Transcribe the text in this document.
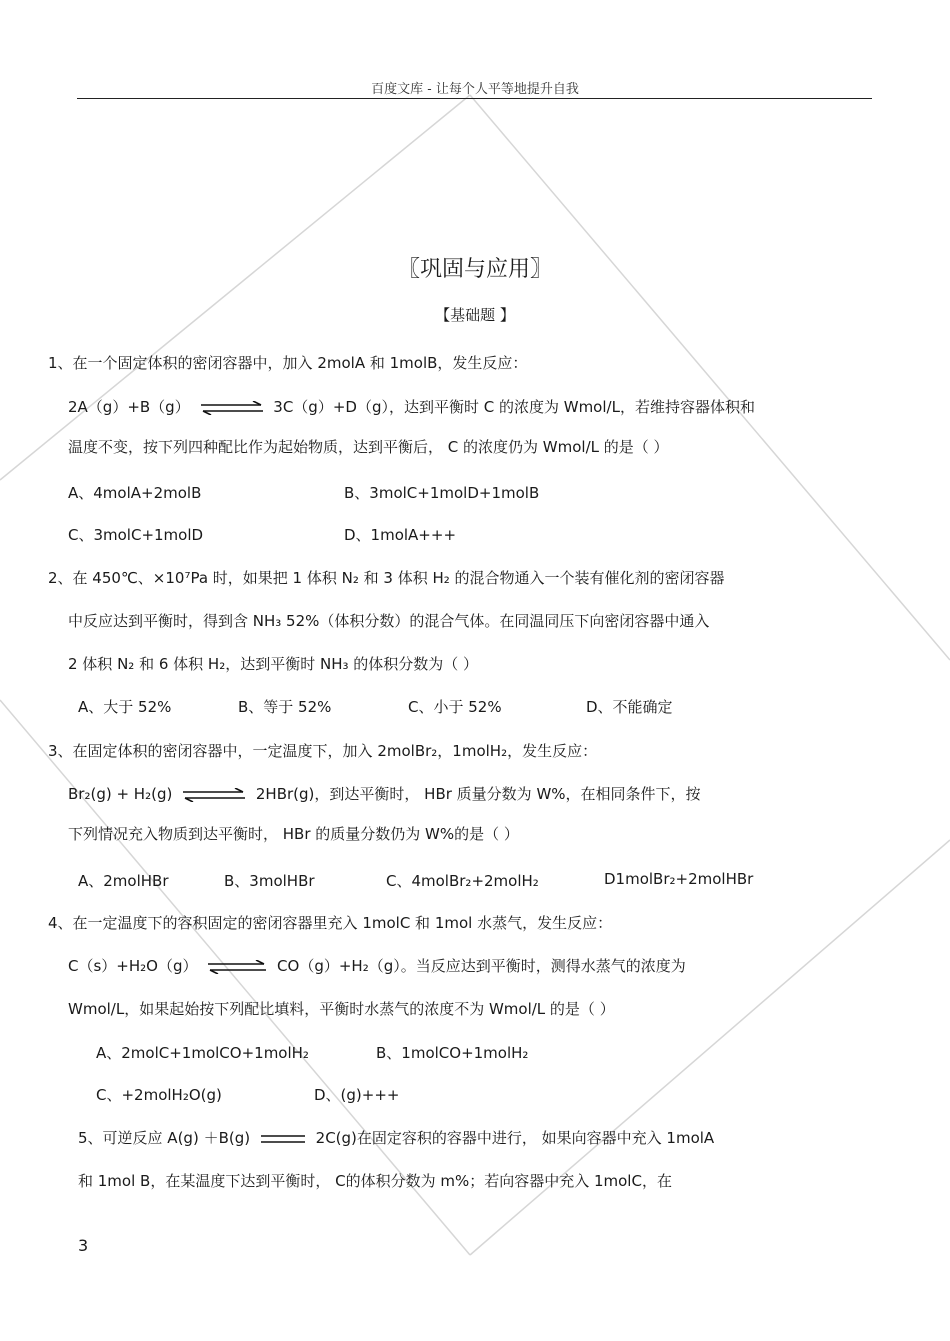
百度文库 - 让每个人平等地提升自我
〖巩固与应用〗
【基础题 】
1、在一个固定体积的密闭容器中，加入 2molA 和 1molB，发生反应：
2A（g）+B（g）	3C（g）+D（g），达到平衡时 C 的浓度为 Wmol/L，若维持容器体积和
温度不变，按下列四种配比作为起始物质，达到平衡后， C 的浓度仍为 Wmol/L 的是（ ）
A、4molA+2molB	B、3molC+1molD+1molB
C、3molC+1molD	D、1molA+++
2、在 450℃、×10⁷Pa 时，如果把 1 体积 N₂ 和 3 体积 H₂ 的混合物通入一个装有催化剂的密闭容器
中反应达到平衡时，得到含 NH₃ 52%（体积分数）的混合气体。在同温同压下向密闭容器中通入
2 体积 N₂ 和 6 体积 H₂，达到平衡时 NH₃ 的体积分数为（ ）
A、大于 52%	B、等于 52%	C、小于 52%	D、不能确定
3、在固定体积的密闭容器中，一定温度下，加入 2molBr₂，1molH₂，发生反应：
Br₂(g) + H₂(g)	2HBr(g)，到达平衡时， HBr 质量分数为 W%，在相同条件下，按
下列情况充入物质到达平衡时， HBr 的质量分数仍为 W%的是（ ）
A、2molHBr	B、3molHBr	C、4molBr₂+2molH₂	D1molBr₂+2molHBr
4、在一定温度下的容积固定的密闭容器里充入 1molC 和 1mol 水蒸气，发生反应：
C（s）+H₂O（g）	CO（g）+H₂（g）。当反应达到平衡时，测得水蒸气的浓度为
Wmol/L，如果起始按下列配比填料，平衡时水蒸气的浓度不为 Wmol/L 的是（ ）
A、2molC+1molCO+1molH₂	B、1molCO+1molH₂
C、+2molH₂O(g)	D、(g)+++
5、可逆反应 A(g) ＋B(g)	2C(g)在固定容积的容器中进行， 如果向容器中充入 1molA
和 1mol B，在某温度下达到平衡时， C的体积分数为 m%；若向容器中充入 1molC，在
3
